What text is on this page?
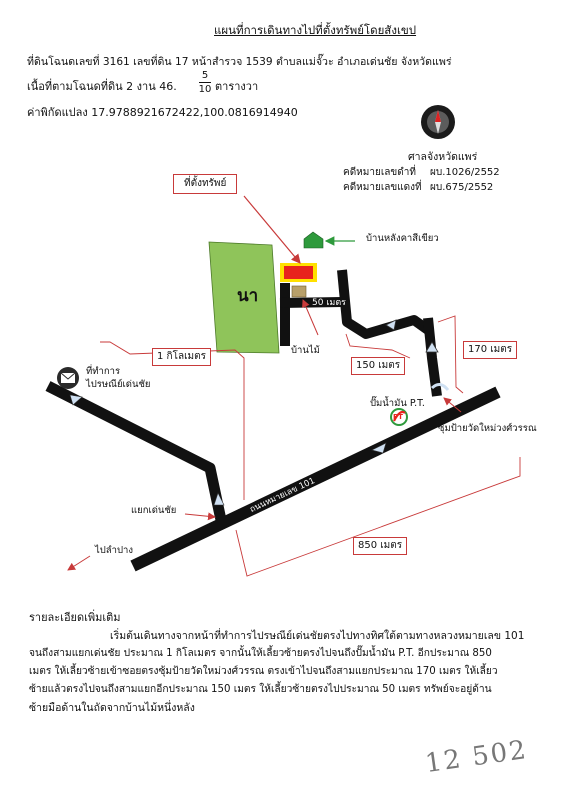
แผนที่การเดินทางไปที่ตั้งทรัพย์โดยสังเขป
ที่ดินโฉนดเลขที่ 3161 เลขที่ดิน 17 หน้าสำรวจ 1539 ตำบลแม่จั๊วะ อำเภอเด่นชัย จังหวัดแพร่
เนื้อที่ตามโฉนดที่ดิน 2 งาน 46.
5
10 ตารางวา
ค่าพิกัดแปลง 17.9788921672422,100.0816914940
ศาลจังหวัดแพร่
คดีหมายเลขดำที่ ผบ.1026/2552
คดีหมายเลขแดงที่ ผบ.675/2552
ที่ตั้งทรัพย์
บ้านหลังคาสีเขียว
นา	50 เมตร
บ้านไม้
1 กิโลเมตร
ที่ทำการ
ไปรษณีย์เด่นชัย
ถนนหมายเลข 101
ถนนหมายเลข 101
แยกเด่นชัย
ไปลำปาง
150 เมตร
170 เมตร
ปั๊มน้ำมัน P.T.
PT
ซุ้มป้ายวัดใหม่วงศ์วรรณ
850 เมตร
รายละเอียดเพิ่มเติม
เริ่มต้นเดินทางจากหน้าที่ทำการไปรษณีย์เด่นชัยตรงไปทางทิศใต้ตามทางหลวงหมายเลข 101
จนถึงสามแยกเด่นชัย ประมาณ 1 กิโลเมตร จากนั้นให้เลี้ยวซ้ายตรงไปจนถึงปั๊มน้ำมัน P.T. อีกประมาณ 850
เมตร ให้เลี้ยวซ้ายเข้าซอยตรงซุ้มป้ายวัดใหม่วงศ์วรรณ ตรงเข้าไปจนถึงสามแยกประมาณ 170 เมตร ให้เลี้ยว
ซ้ายแล้วตรงไปจนถึงสามแยกอีกประมาณ 150 เมตร ให้เลี้ยวซ้ายตรงไปประมาณ 50 เมตร ทรัพย์จะอยู่ด้าน
ซ้ายมือด้านในถัดจากบ้านไม้หนึ่งหลัง
12 502
